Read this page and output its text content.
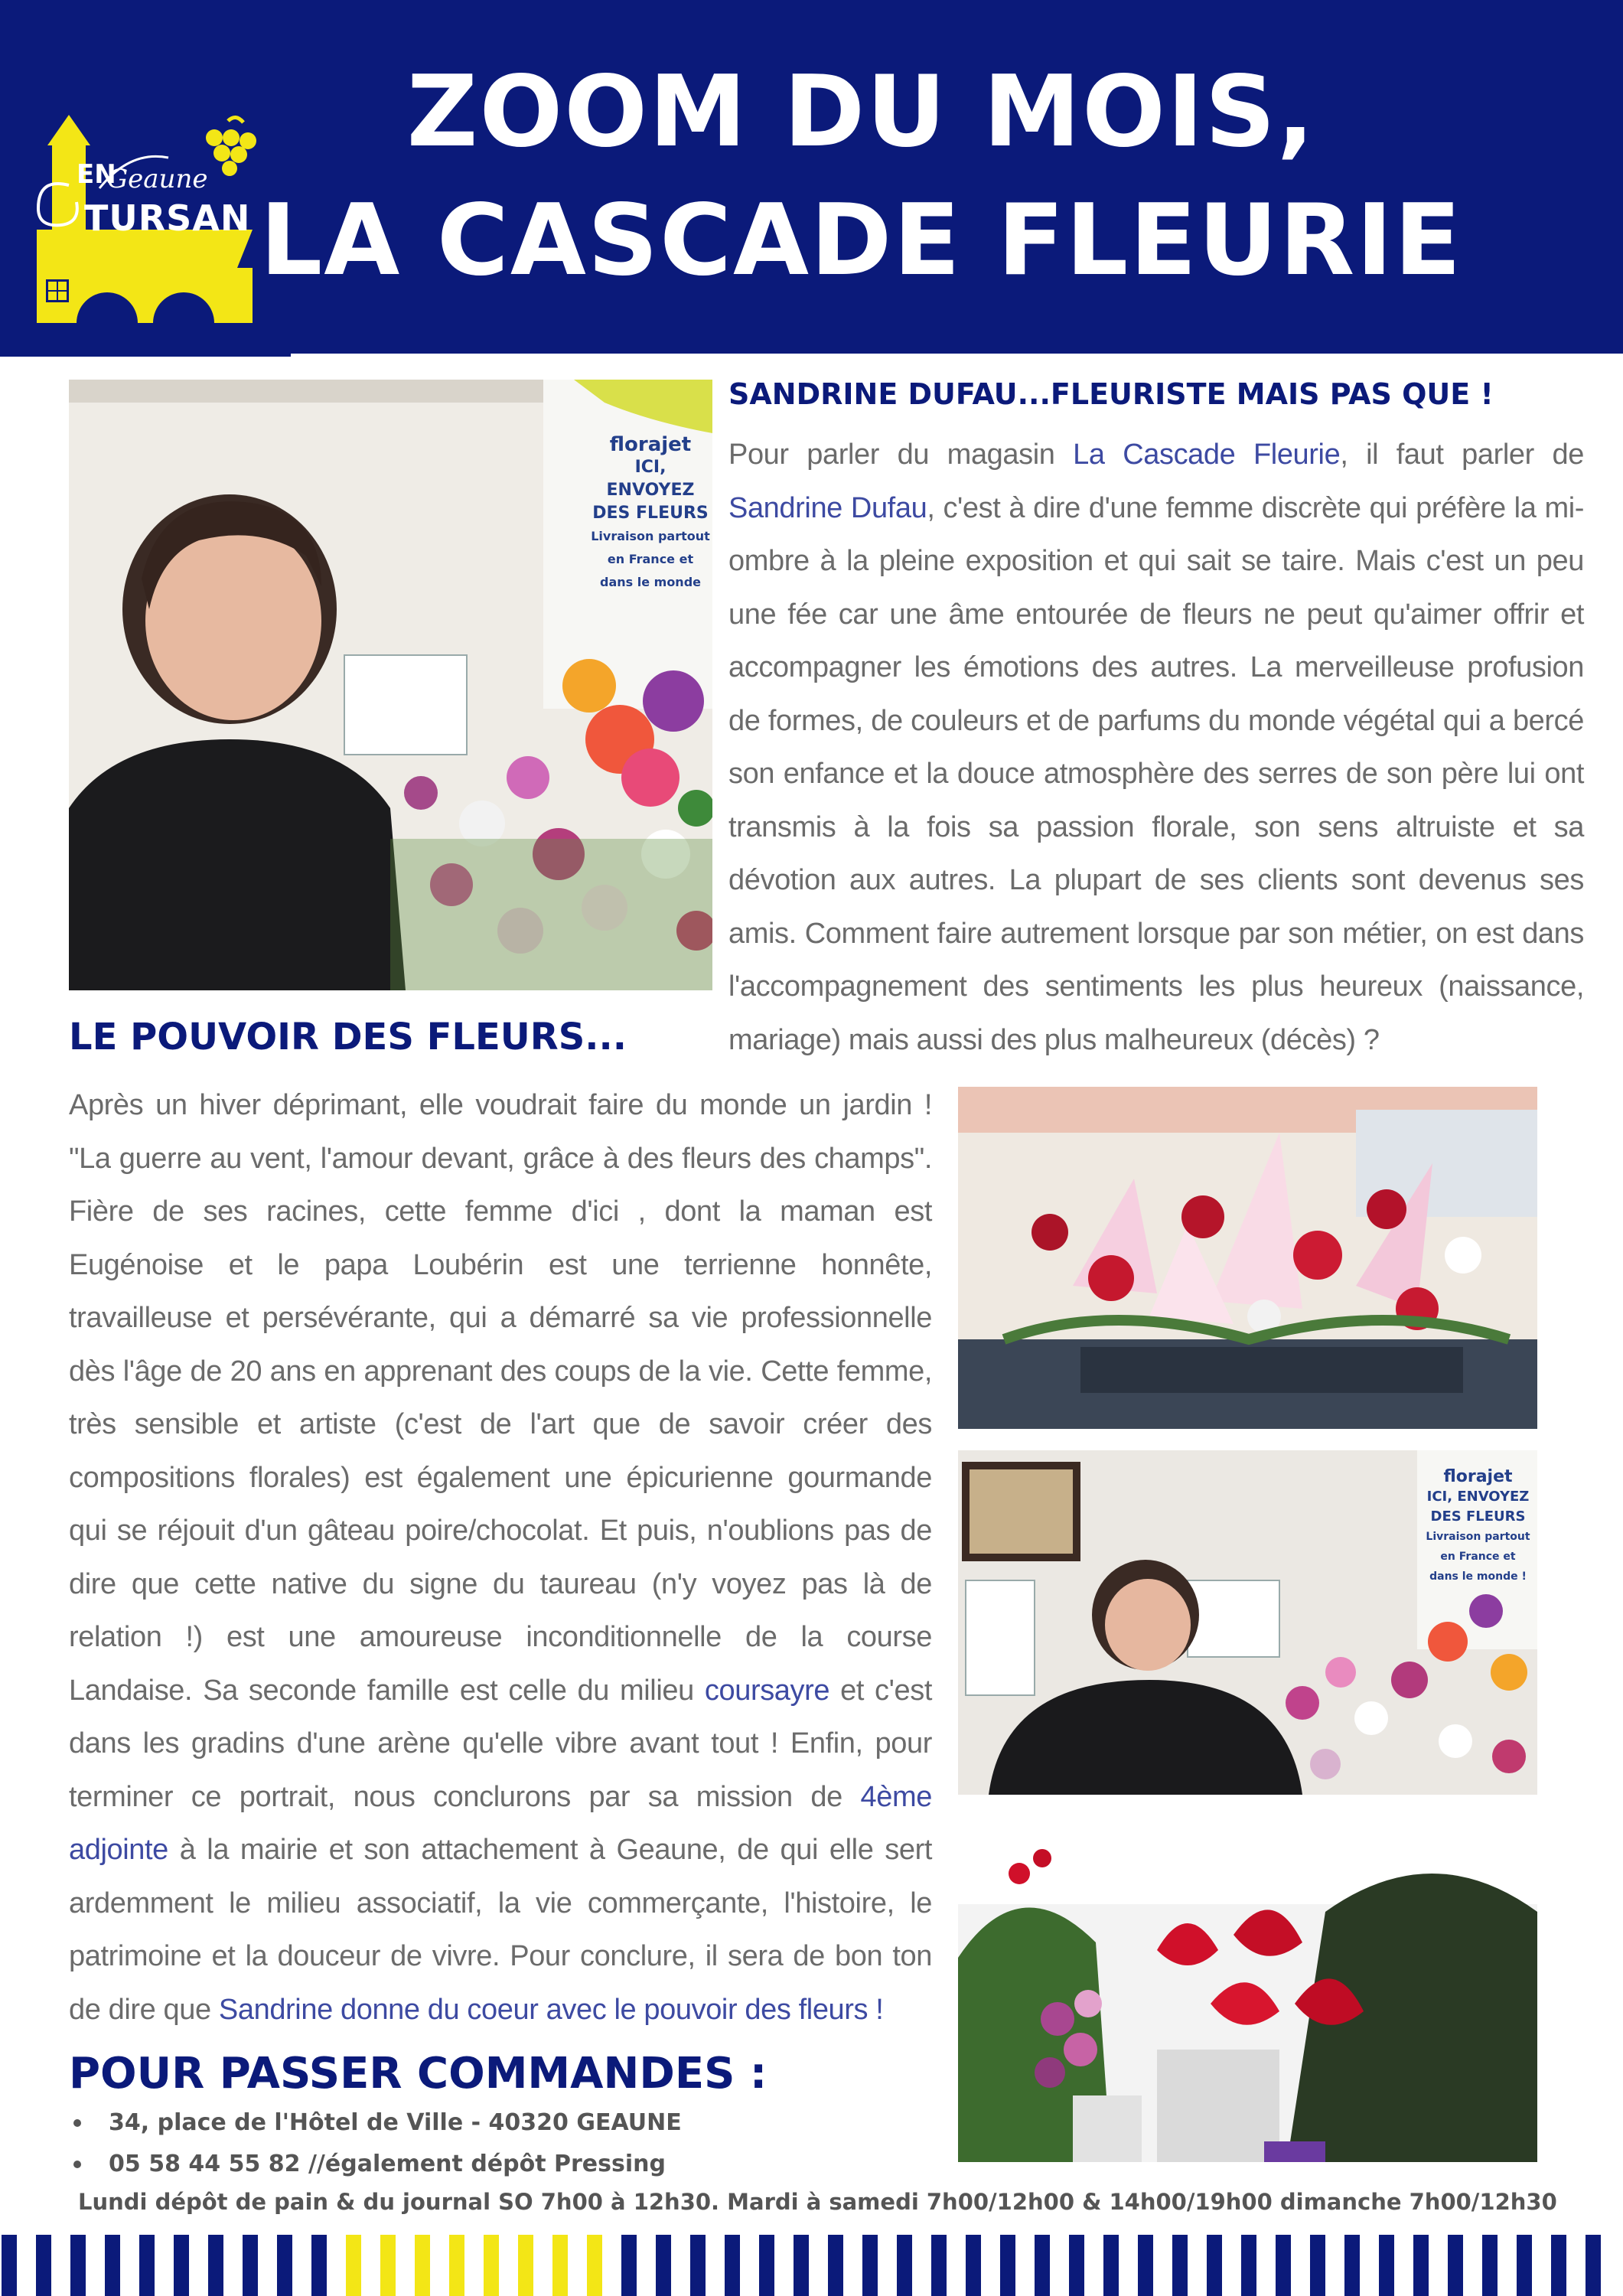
EN
Geaune
TURSAN
ZOOM DU MOIS,
LA CASCADE FLEURIE
florajet
ICI, ENVOYEZ
DES FLEURS
Livraison partout
en France et
dans le monde
SANDRINE DUFAU...FLEURISTE MAIS PAS QUE !
Pour parler du magasin La Cascade Fleurie, il faut parler de Sandrine Dufau, c'est à dire d'une femme discrète qui préfère la mi-ombre à la pleine exposition et qui sait se taire. Mais c'est un peu une fée car une âme entourée de fleurs ne peut qu'aimer offrir et accompagner les émotions des autres. La merveilleuse profusion de formes, de couleurs et de parfums du monde végétal qui a bercé son enfance et la douce atmosphère des serres de son père lui ont transmis à la fois sa passion florale, son sens altruiste et sa dévotion aux autres. La plupart de ses clients sont devenus ses amis. Comment faire autrement lorsque par son métier, on est dans l'accompagnement des sentiments les plus heureux (naissance, mariage) mais aussi des plus malheureux (décès) ?
LE POUVOIR DES FLEURS...
Après un hiver déprimant, elle voudrait faire du monde un jardin ! "La guerre au vent, l'amour devant, grâce à des fleurs des champs". Fière de ses racines, cette femme d'ici , dont la maman est Eugénoise et le papa Loubérin est une terrienne honnête, travailleuse et persévérante, qui a démarré sa vie professionnelle dès l'âge de 20 ans en apprenant des coups de la vie. Cette femme, très sensible et artiste (c'est de l'art que de savoir créer des compositions florales) est également une épicurienne gourmande qui se réjouit d'un gâteau poire/chocolat. Et puis, n'oublions pas de dire que cette native du signe du taureau (n'y voyez pas là de relation !) est une amoureuse inconditionnelle de la course Landaise. Sa seconde famille est celle du milieu coursayre et c'est dans les gradins d'une arène qu'elle vibre avant tout ! Enfin, pour terminer ce portrait, nous conclurons par sa mission de 4ème adjointe à la mairie et son attachement à Geaune, de qui elle sert ardemment le milieu associatif, la vie commerçante, l'histoire, le patrimoine et la douceur de vivre. Pour conclure, il sera de bon ton de dire que Sandrine donne du coeur avec le pouvoir des fleurs !
florajet
ICI, ENVOYEZ
DES FLEURS
Livraison partout
en France et
dans le monde !
POUR PASSER COMMANDES :
34, place de l'Hôtel de Ville - 40320 GEAUNE
05 58 44 55 82 //également dépôt Pressing
Lundi dépôt de pain & du journal SO 7h00 à 12h30. Mardi à samedi 7h00/12h00 & 14h00/19h00 dimanche 7h00/12h30
